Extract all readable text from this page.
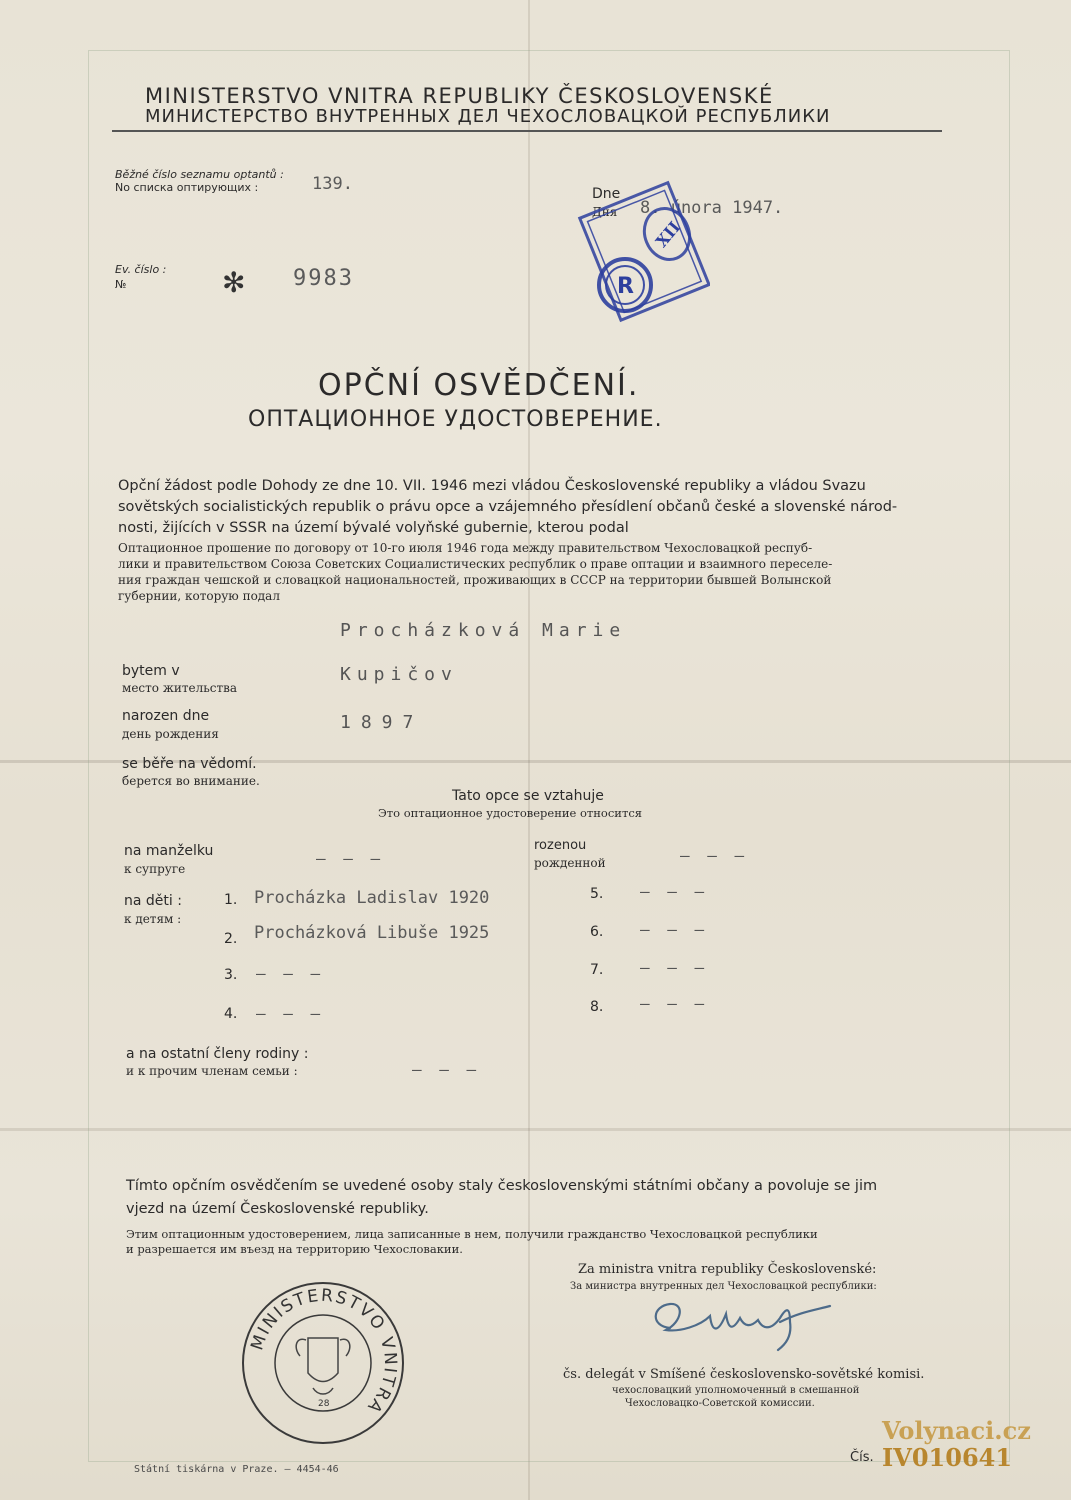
MINISTERSTVO VNITRA REPUBLIKY ČESKOSLOVENSKÉ
МИНИСТЕРСТВО ВНУТРЕННЫХ ДЕЛ ЧЕХОСЛОВАЦКОЙ РЕСПУБЛИКИ
Běžné číslo seznamu optantů :
No списка оптирующих :	139.	Dne
Дня 8. února 1947.
Ev. číslo :
№	✻ 9983	R
XII
OPČNÍ OSVĚDČENÍ.
ОПТАЦИОННОЕ УДОСТОВЕРЕНИЕ.
Opční žádost podle Dohody ze dne 10. VII. 1946 mezi vládou Československé republiky a vládou Svazu
sovětských socialistických republik o právu opce a vzájemného přesídlení občanů české a slovenské národ-
nosti, žijících v SSSR na území bývalé volyňské gubernie, kterou podal
Оптационное прошение по договору от 10-го июля 1946 года между правительством Чехословацкой респуб-
лики и правительством Союза Советских Социалистических республик о праве оптации и взаимного переселе-
ния граждан чешской и словацкой национальностей, проживающих в СССР на территории бывшей Волынской
губернии, которую подал
Procházková Marie
bytem v
место жительства
Kupičov
narozen dne
день рождения
1897
se běře na vědomí.
берется во внимание.
Tato opce se vztahuje
Это оптационное удостоверение относится
na manželku
к супруге
— — —
rozenou
рожденной	— — —
na děti :
к детям :
1. Procházka Ladislav 1920
2. Procházková Libuše 1925
3. — — —
4. — — —
5. — — —
6. — — —
7. — — —
8. — — —
a na ostatní členy rodiny :
и к прочим членам семьи :	— — —
Tímto opčním osvědčením se uvedené osoby staly československými státními občany a povoluje se jim
vjezd na území Československé republiky.
Этим оптационным удостоверением, лица записанные в нем, получили гражданство Чехословацкой республики
и разрешается им въезд на территорию Чехословакии.
Za ministra vnitra republiky Československé:
За министра внутренных дел Чехословацкой республики:
čs. delegát v Smíšené československo-sovětské komisi.
чехословацкий уполномоченный в смешанной
Чехословацко-Советской комиссии.
MINISTERSTVO VNITRA
28
Státní tiskárna v Praze. — 4454-46
Čís.
Volynaci.cz
IV010641
